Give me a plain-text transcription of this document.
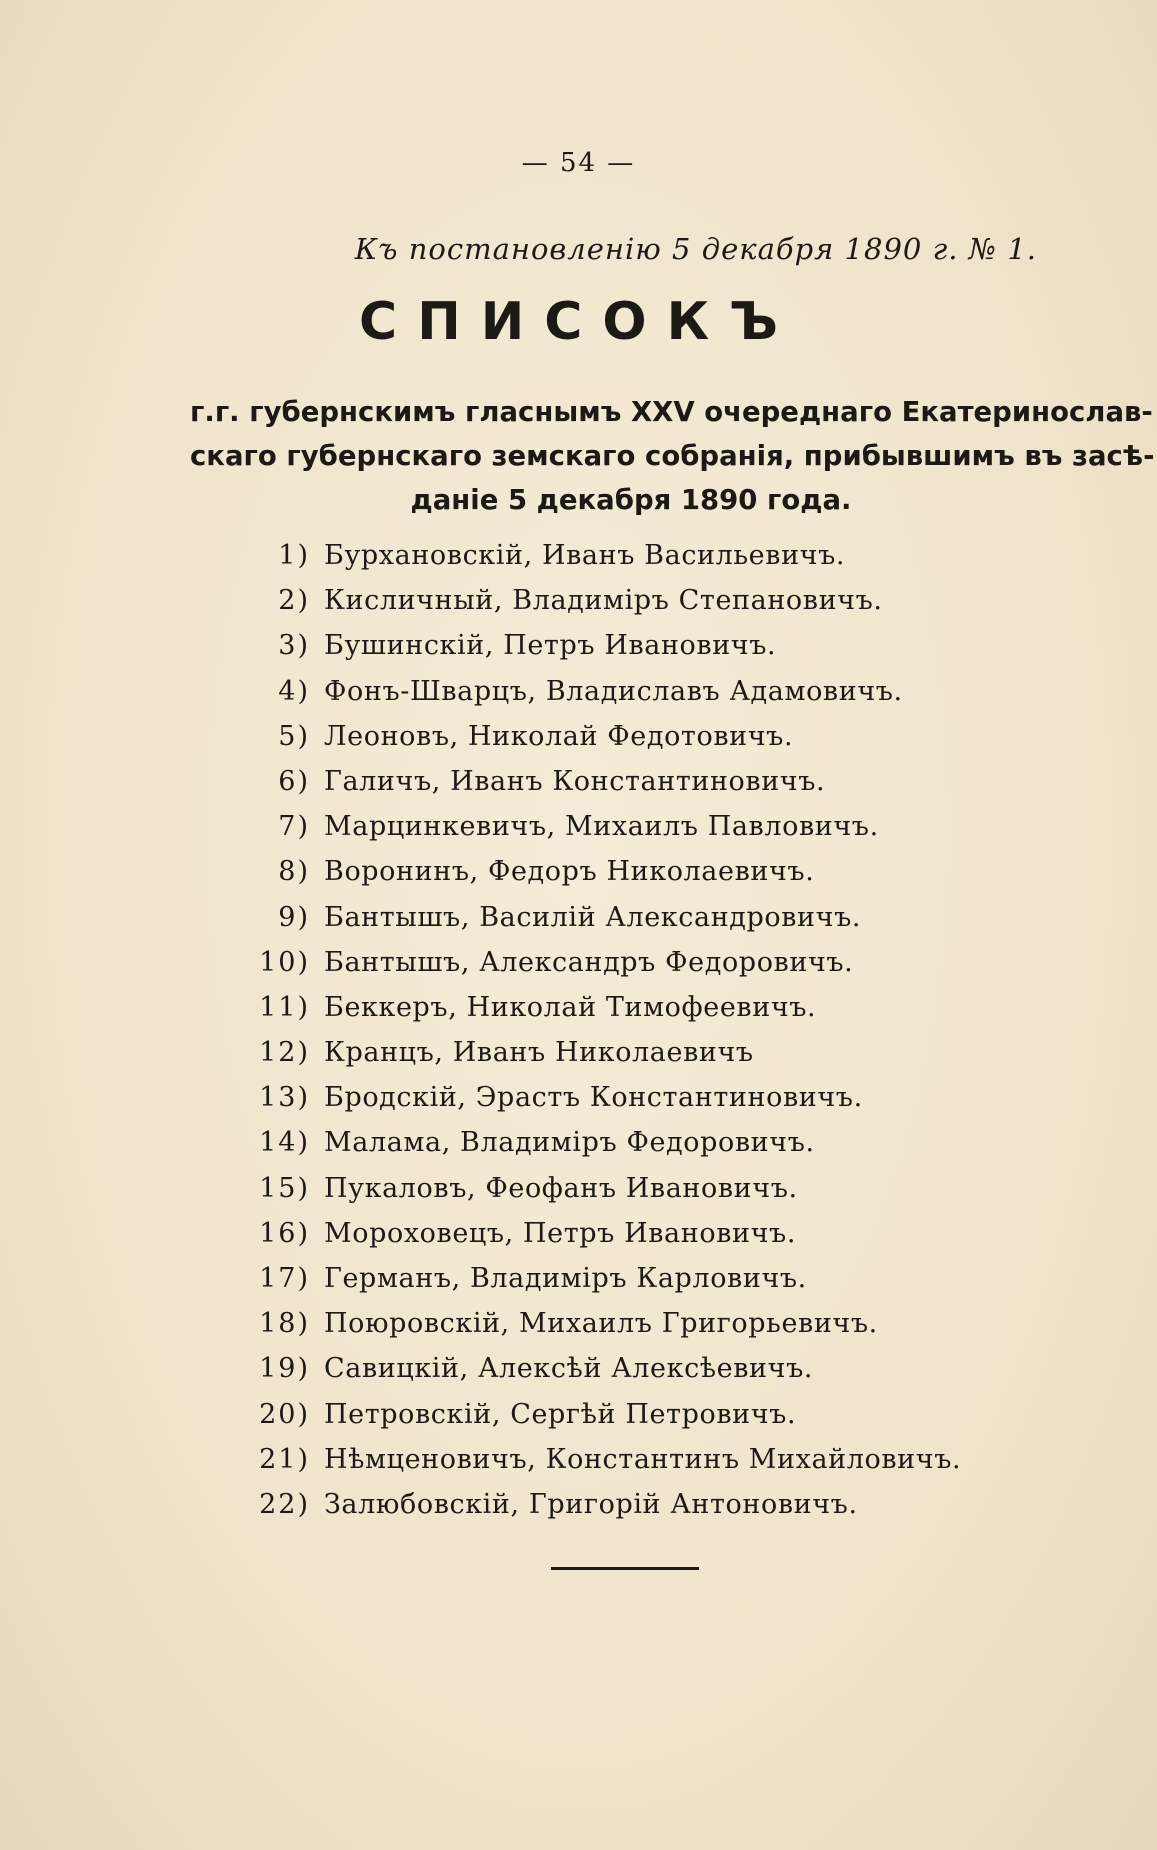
— 54 —
Къ постановленію 5 декабря 1890 г. № 1.
СПИСОКЪ
г.г. губернскимъ гласнымъ XXV очереднаго Екатеринослав-
скаго губернскаго земскаго собранія, прибывшимъ въ засѣ-
даніе 5 декабря 1890 года.
1) Бурхановскій, Иванъ Васильевичъ.
2) Кисличный, Владиміръ Степановичъ.
3) Бушинскій, Петръ Ивановичъ.
4) Фонъ-Шварцъ, Владиславъ Адамовичъ.
5) Леоновъ, Николай Федотовичъ.
6) Галичъ, Иванъ Константиновичъ.
7) Марцинкевичъ, Михаилъ Павловичъ.
8) Воронинъ, Федоръ Николаевичъ.
9) Бантышъ, Василій Александровичъ.
10) Бантышъ, Александръ Федоровичъ.
11) Беккеръ, Николай Тимофеевичъ.
12) Кранцъ, Иванъ Николаевичъ
13) Бродскій, Эрастъ Константиновичъ.
14) Малама, Владиміръ Федоровичъ.
15) Пукаловъ, Феофанъ Ивановичъ.
16) Мороховецъ, Петръ Ивановичъ.
17) Германъ, Владиміръ Карловичъ.
18) Поюровскій, Михаилъ Григорьевичъ.
19) Савицкій, Алексѣй Алексѣевичъ.
20) Петровскій, Сергѣй Петровичъ.
21) Нѣмценовичъ, Константинъ Михайловичъ.
22) Залюбовскій, Григорій Антоновичъ.
